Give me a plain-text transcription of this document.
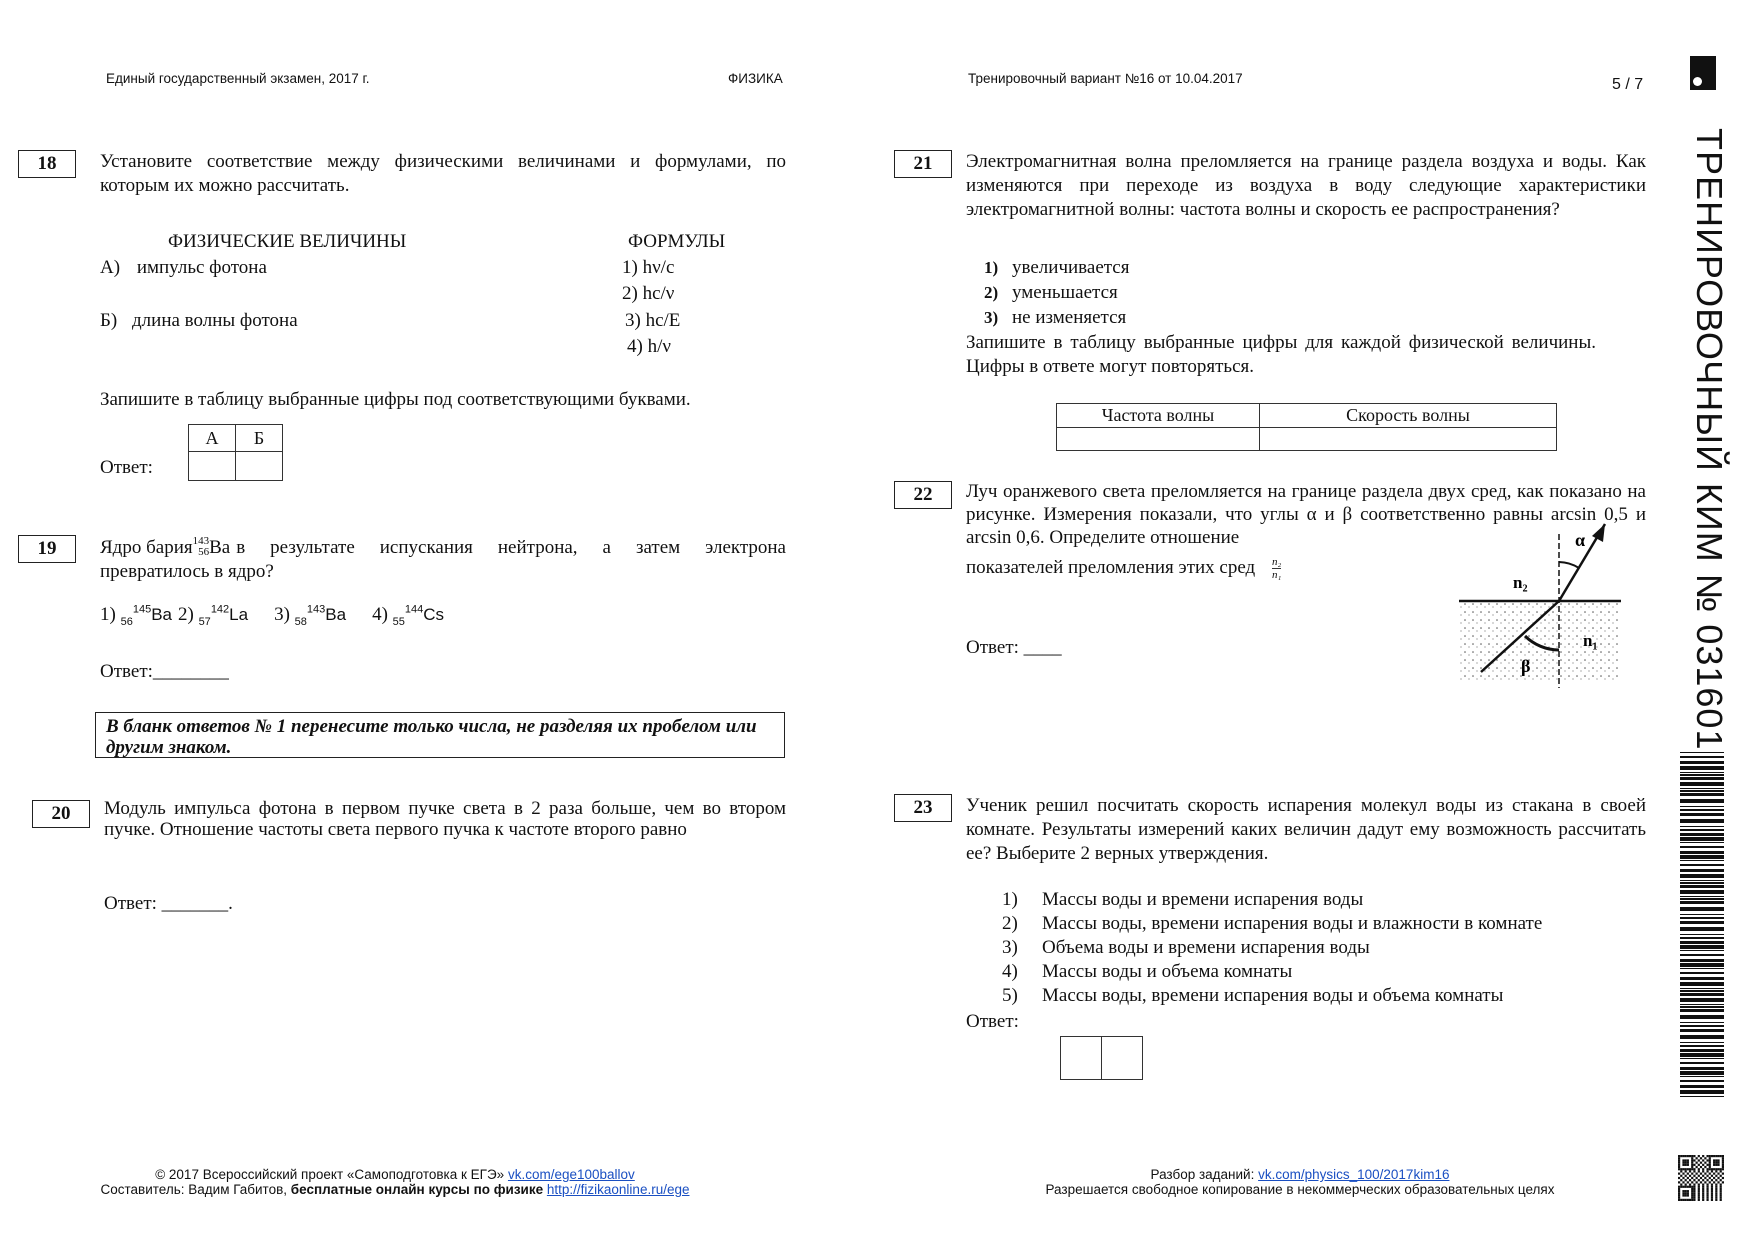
Единый государственный экзамен, 2017 г.	ФИЗИКА	Тренировочный вариант №16 от 10.04.2017	5 / 7
ТРЕНИРОВОЧНЫЙ КИМ № 031601
18	Установите соответствие между физическими величинами и формулами, по которым их можно рассчитать.
ФИЗИЧЕСКИЕ ВЕЛИЧИНЫ	ФОРМУЛЫ
А) импульс фотона
Б) длина волны фотона
1) hν/c
2) hc/ν
3) hc/E
4) h/ν
Запишите в таблицу выбранные цифры под соответствующими буквами.
Ответ:
А	Б

19	Ядро бария 143
56 Ba в результате испускания нейтрона, а затем электрона
превратилось в ядро?
1) $_{56}^{145}$Ba 2) $_{57}^{142}$La 3) $_{58}^{143}$Ba 4) $_{55}^{144}$Cs
Ответ:________
В бланк ответов № 1 перенесите только числа, не разделяя их пробелом или другим знаком.
20	Модуль импульса фотона в первом пучке света в 2 раза больше, чем во втором пучке. Отношение частоты света первого пучка к частоте второго равно
Ответ: _______.
21	Электромагнитная волна преломляется на границе раздела воздуха и воды. Как изменяются при переходе из воздуха в воду следующие характеристики электромагнитной волны: частота волны и скорость ее распространения?
1) увеличивается
2) уменьшается
3) не изменяется
Запишите в таблицу выбранные цифры для каждой физической величины. Цифры в ответе могут повторяться.
Частота волны	Скорость волны

22	Луч оранжевого света преломляется на границе раздела двух сред, как показано на рисунке. Измерения показали, что углы α и β соответственно равны arcsin 0,5 и arcsin 0,6. Определите отношение
показателей преломления этих сред $\frac{\text{n₂}}{\text{n₁}}$
Ответ: ____
α
β
n₂
n₁
23	Ученик решил посчитать скорость испарения молекул воды из стакана в своей комнате. Результаты измерений каких величин дадут ему возможность рассчитать ее? Выберите 2 верных утверждения.
1) Массы воды и времени испарения воды
2) Массы воды, времени испарения воды и влажности в комнате
3) Объема воды и времени испарения воды
4) Массы воды и объема комнаты
5) Массы воды, времени испарения воды и объема комнаты
Ответ:

© 2017 Всероссийский проект «Самоподготовка к ЕГЭ» vk.com/ege100ballov
Составитель: Вадим Габитов, бесплатные онлайн курсы по физике http://fizikaonline.ru/ege
Разбор заданий: vk.com/physics_100/2017kim16
Разрешается свободное копирование в некоммерческих образовательных целях
